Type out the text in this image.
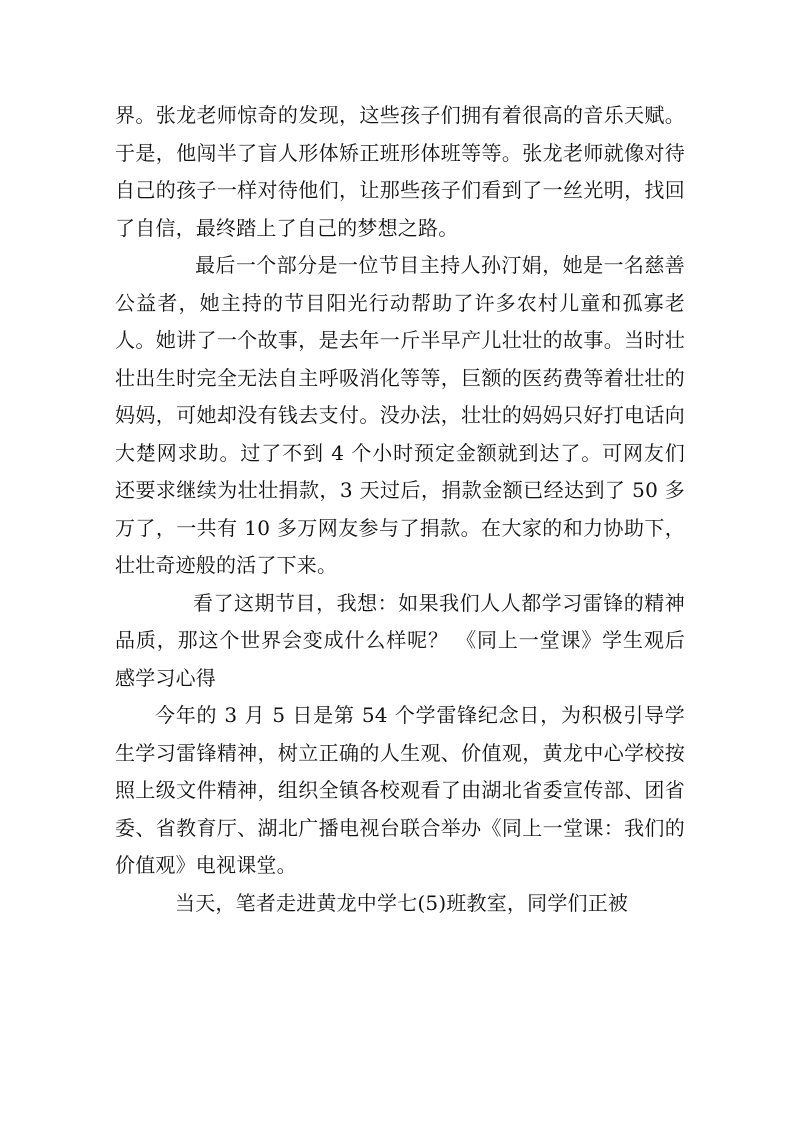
界。张龙老师惊奇的发现，这些孩子们拥有着很高的音乐天赋。于是，他闯半了盲人形体矫正班形体班等等。张龙老师就像对待自己的孩子一样对待他们，让那些孩子们看到了一丝光明，找回了自信，最终踏上了自己的梦想之路。

最后一个部分是一位节目主持人孙汀娟，她是一名慈善公益者，她主持的节目阳光行动帮助了许多农村儿童和孤寡老人。她讲了一个故事，是去年一斤半早产儿壮壮的故事。当时壮壮出生时完全无法自主呼吸消化等等，巨额的医药费等着壮壮的妈妈，可她却没有钱去支付。没办法，壮壮的妈妈只好打电话向大楚网求助。过了不到 4 个小时预定金额就到达了。可网友们还要求继续为壮壮捐款，3 天过后，捐款金额已经达到了 50 多万了，一共有 10 多万网友参与了捐款。在大家的和力协助下，壮壮奇迹般的活了下来。

看了这期节目，我想：如果我们人人都学习雷锋的精神品质，那这个世界会变成什么样呢？ 《同上一堂课》学生观后感学习心得

今年的 3 月 5 日是第 54 个学雷锋纪念日，为积极引导学生学习雷锋精神，树立正确的人生观、价值观，黄龙中心学校按照上级文件精神，组织全镇各校观看了由湖北省委宣传部、团省委、省教育厅、湖北广播电视台联合举办《同上一堂课：我们的价值观》电视课堂。

当天，笔者走进黄龙中学七(5)班教室，同学们正被
